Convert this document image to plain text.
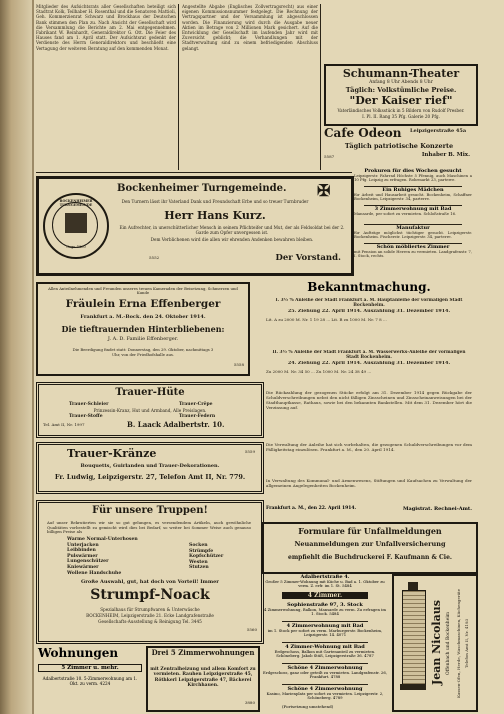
Mitglieder des Aufsichtsrats aller Gesellschaften beteiligt sich Stadtrat Kolk, Teilhaber H. Rosenthal und die Senatoren Mattioli, Geh. Kommerzienrat Schwarz und Brockhaus der Deutschen Bank stimmen den Plan zu. Nach Ansicht der Gesellschaft wird die Versammlung die Berichte am 2. Mai entgegennehmen. Fabrikant W. Reinhardt, Generaldirektor G. Ott. Die Feier des Hauses fand am 1. April statt. Der Aufsichtsrat gedenkt der Verdienste des Herrn Generaldirektors und beschließt eine Vertagung der weiteren Beratung auf den kommenden Monat.
Angestellte Abgabe (Englisches Zollvertragsrecht) aus einer eigenen Kommissionsnummer festgelegt. Die Rechnung der Vertragspartner und der Versammlung ist abgeschlossen worden. Die Finanzierung wird durch die Ausgabe neuer Aktien im Betrage von 2 Millionen Mark gesichert. Auf die Entwicklung der Gesellschaft im laufenden Jahr wird mit Zuversicht geblickt; die Verhandlungen mit der Stadtverwaltung sind zu einem befriedigenden Abschluss gelangt.
Schumann-Theater
Anfang 8 Uhr Abends 8 Uhr
Täglich: Volkstümliche Preise.
"Der Kaiser rief"
Vaterländisches Volksstück in 5 Bildern von Rudolf Presber.
I. Pl. II. Rang 35 Pfg. Galerie 20 Pfg.
Cafe Odeon Leipzigerstraße 45a
Täglich patriotische Konzerte
5587	Inhaber B. Mix.
Prokuren für dies Wochen gesucht
Leipzigerstr. Fahrrad Höchste 5 Pfennig, auch Maschinen a 10 Pfg. Leipzig zu erfragen. Rohrmarkt 23, parterre.
Ein Ruhiges Mädchen
für Arbeit und Hausarbeit gesucht. Bockenheim, Schaffner Bockenheim, Leipzigerstr. 34, parterre.
3 Zimmerwohnung mit Bad
Mansarde, per sofort zu vermieten. Schloßstraße 16.
Manufaktur
für Aufträge möglichst tüchtiger gesucht. Leipzigerstr. Bockenheim. Fischerstr. Leipzigerstr. 34, parterre.
Schön möbliertes Zimmer
mit Pension an solide Herren zu vermieten. Landgrafenstr. 7, I. Stock, rechts.
BOCKENHEIMER TURNGEMEINDE
Gegr. 1860
Bockenheimer Turngemeinde. ✠
Den Turnern lässt ihr Vaterland Dank und Freundschaft Erbe und so treuer Turnbruder
Herr Hans Kurz.
Ein Aufrechter, in unerschütterlicher Mensch in seinem Pflichteifer und Mut, der als Feldsoldat bei der 2. Garde zum Opfer unvergessen ist.
Dem Verblichenen wird die allen wir ehrenden Andenken bewahren bleiben.
5552	Der Vorstand.
Allen Anteilnehmenden und Freunden unseres treuen Kameraden der Beisetzung, Schmerzen und Kunde
Fräulein Erna Effenberger
Frankfurt a. M.-Bock. den 24. Oktober 1914.
Die tieftrauernden Hinterbliebenen:
J. A. D. Familie Effenberger.
Die Beerdigung findet statt: Donnerstag, den 29. Oktober, nachmittags 3 Uhr, von der Friedhofshalle aus.
5558
Trauer-Hüte
Trauer-Schleier	Trauer-Crêpe
Prinzessin-Kranz, Hut und Armband, Alle Preislagen.
Trauer-Stoffe	Trauer-Federn
Tel. Amt II, Nr. 1997	B. Laack Adalbertstr. 10.
Trauer-Kränze	5559
Bouquetts, Guirlanden und Trauer-Dekorationen.
Fr. Ludwig, Leipzigerstr. 27, Telefon Amt II, Nr. 779.
Für unsere Truppen!
Auf unser Rekrutierten wir sie so gut gelungen, es versendendem Artikeln, auch gewöhnliche Qualitäten vorbestellt zu gemischt wird dies bei Bedarf, so weiter bei Sommer Weise auch genauso billigen Preise als
Warme Normal-Unterhosen
Unterjacken
Leibbinden
Pulswärmer
Lungenschützer
Kniewärmer
Wollene Handschuhe
Socken
Strümpfe
Kopfschützer
Westen
Stutzen
Große Auswahl, gut, hat doch von Vorteil! Immer
Strumpf-Noack
Spezialhaus für Strumpfwaren & Unterwäsche
BOCKENHEIM, Leipzigerstraße 21. Ecke Landgrafenstraße
Gesellschafts-Ausstellung & Reinigung Tel. 3445
5560
Wohnungen
5 Zimmer u. mehr.
Adalbertstraße 10. 5-Zimmerwohnung am 1. Okt. zu verm. 4224
Drei 5 Zimmerwohnungen
mit Zentralheizung und allem Komfort zu vermieten. Rauhen Leipzigerstraße 45, Röthkerl Leipzigerstraße 47, Bäckerei Kirchhauen.
3880
Bekanntmachung.
I. 3½ % Anleihe der Stadt Frankfurt a. M. Hauptanleihe der vormaligen Stadt Bockenheim.
25. Ziehung 22. April 1914. Auszahlung 31. Dezember 1914.
Lit. A zu 2000 M. Nr. 1 19 28 ... Lit. B zu 1000 M. Nr. 7 8 ...
II. 3½ % Anleihe der Stadt Frankfurt a. M. Wasserwerks-Anleihe der vormaligen Stadt Bockenheim.
24. Ziehung 22. April 1914. Auszahlung 31. Dezember 1914.
Zu 2000 M. Nr. 34 50 ... Zu 1000 M. Nr. 24 38 49 ...
Die Rückzahlung der gezogenen Stücke erfolgt am 31. Dezember 1914 gegen Rückgabe der Schuldverschreibungen nebst den nicht fälligen Zinsscheinen und Zinsscheinanweisungen bei der Stadthauptkasse, Rathaus, sowie bei den bekannten Bankstellen. Mit dem 31. Dezember hört die Verzinsung auf.
Die Verwaltung der Anleihe hat sich vorbehalten, die gezogenen Schuldverschreibungen vor dem Fälligkeitstag einzulösen. Frankfurt a. M., den 20. April 1914.
In Verwaltung des Kommunal- und Armenwesens, Stiftungen und Kaufsachen zu Verwaltung der allgemeinen Angelegenheiten Bockenheim.
Frankfurt a. M., den 22. April 1914.	Magistrat. Rechnei-Amt.
Formulare für Unfallmeldungen
Neuanmeldungen zur Unfallversicherung
empfiehlt die Buchdruckerei F. Kaufmann & Cie.
Adalbertstraße 4.
Großer 5 Zimmer-Wohnung mit Küche u. Bad a. 1. Oktober zu verm. Z. erfr. im 1. St. 5484
4 Zimmer.
Sophienstraße 97, 3. Stock
4 Zimmerwohnung, Balkon, Mansarde zu verm. Zu erfragen im 1. Stock. 5484
4 Zimmerwohnung mit Bad
im 1. Stock per sofort zu verm. Marburgerstr. Bockenheim, Leipzigerstr. 14. 4071
4 Zimmer-Wohnung mit Bad
Erdgeschoss, Balkon mit Gartenanteil zu vermieten. Schöneberg. Jakob Stüß, Leipzigerstraße 36. 4787
Schöne 4 Zimmerwohnung
Erdgeschoss, ganz oder geteilt zu vermieten. Landgrafenstr. 26, Frankfurt. 4788
Schöne 4 Zimmerwohnung
Kasino, Marienplatz per sofort zu vermieten. Leipzigerstr. 2, Schöneberg. 4789
(Fortsetzung umstehend)
Jean Nicolaus Offenbach und Bockenheim	Kassen-Ofen, Herde, Waschmaschinen, Küchengeräte Telefon Amt II, Nr. 4193
